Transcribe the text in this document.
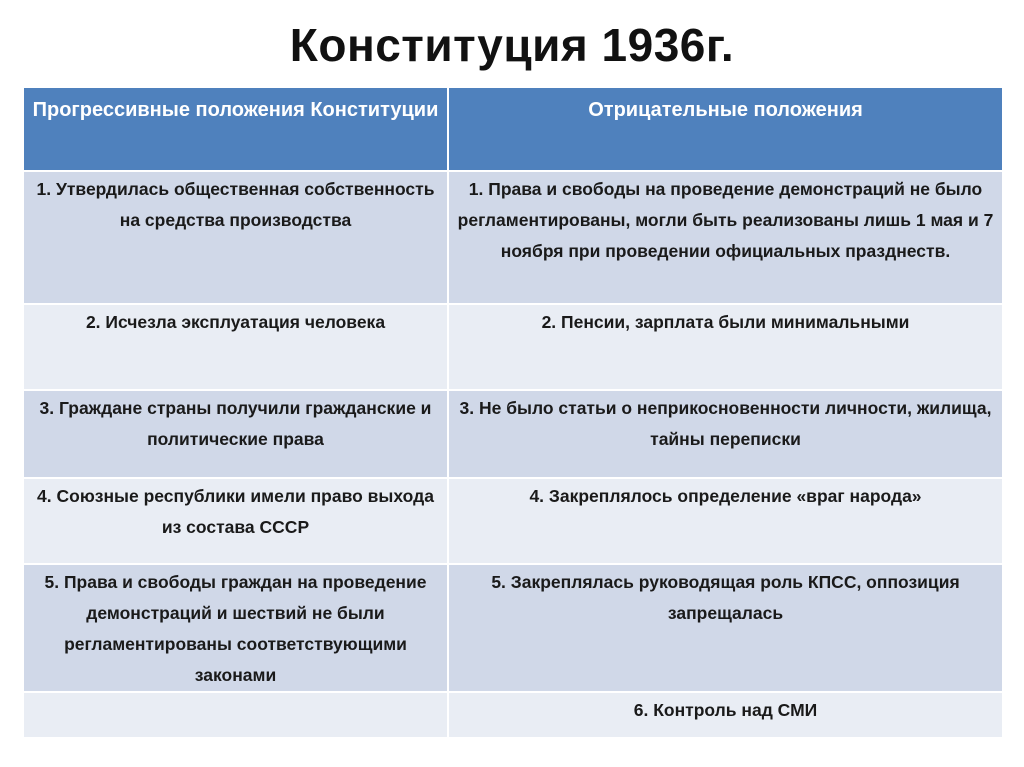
Конституция 1936г.
Прогрессивные положения Конституции	Отрицательные положения
1. Утвердилась общественная собственность на средства производства	1. Права и свободы на проведение демонстраций не было регламентированы, могли быть реализованы лишь 1 мая и 7 ноября при проведении официальных празднеств.
2. Исчезла эксплуатация человека	2. Пенсии, зарплата были минимальными
3. Граждане страны получили гражданские и политические права	3. Не было статьи о неприкосновенности личности, жилища, тайны переписки
4. Союзные республики имели право выхода из состава СССР	4. Закреплялось определение «враг народа»
5. Права и свободы граждан на проведение демонстраций и шествий не были регламентированы соответствующими законами	5. Закреплялась руководящая роль КПСС, оппозиция запрещалась
	6. Контроль над СМИ
